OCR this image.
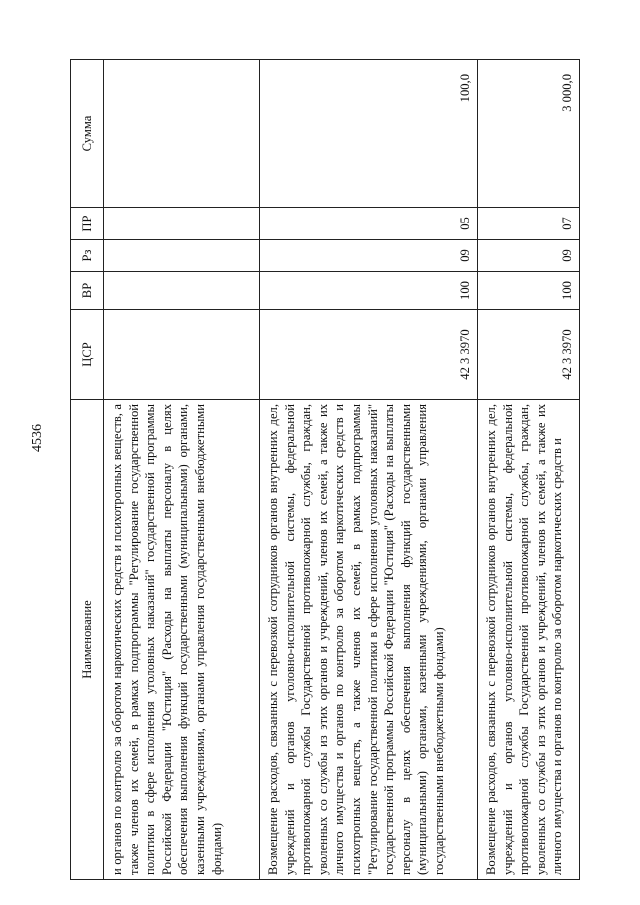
4536
Наименование	ЦСР	ВР	Рз	ПР	Сумма
и органов по контролю за оборотом наркотических средств и психотропных веществ, а также членов их семей, в рамках подпрограммы "Регулирование государственной политики в сфере исполнения уголовных наказаний" государственной программы Российской Федерации "Юстиция" (Расходы на выплаты персоналу в целях обеспечения выполнения функций государственными (муниципальными) органами, казенными учреждениями, органами управления государственными внебюджетными фондами)					
Возмещение расходов, связанных с перевозкой сотрудников органов внутренних дел, учреждений и органов уголовно-исполнительной системы, федеральной противопожарной службы Государственной противопожарной службы, граждан, уволенных со службы из этих органов и учреждений, членов их семей, а также их личного имущества и органов по контролю за оборотом наркотических средств и психотропных веществ, а также членов их семей, в рамках подпрограммы "Регулирование государственной политики в сфере исполнения уголовных наказаний" государственной программы Российской Федерации "Юстиция" (Расходы на выплаты персоналу в целях обеспечения выполнения функций государственными (муниципальными) органами, казенными учреждениями, органами управления государственными внебюджетными фондами)	42 3 3970	100	09	05	100,0
Возмещение расходов, связанных с перевозкой сотрудников органов внутренних дел, учреждений и органов уголовно-исполнительной системы, федеральной противопожарной службы Государственной противопожарной службы, граждан, уволенных со службы из этих органов и учреждений, членов их семей, а также их личного имущества и органов по контролю за оборотом наркотических средств и	42 3 3970	100	09	07	3 000,0
